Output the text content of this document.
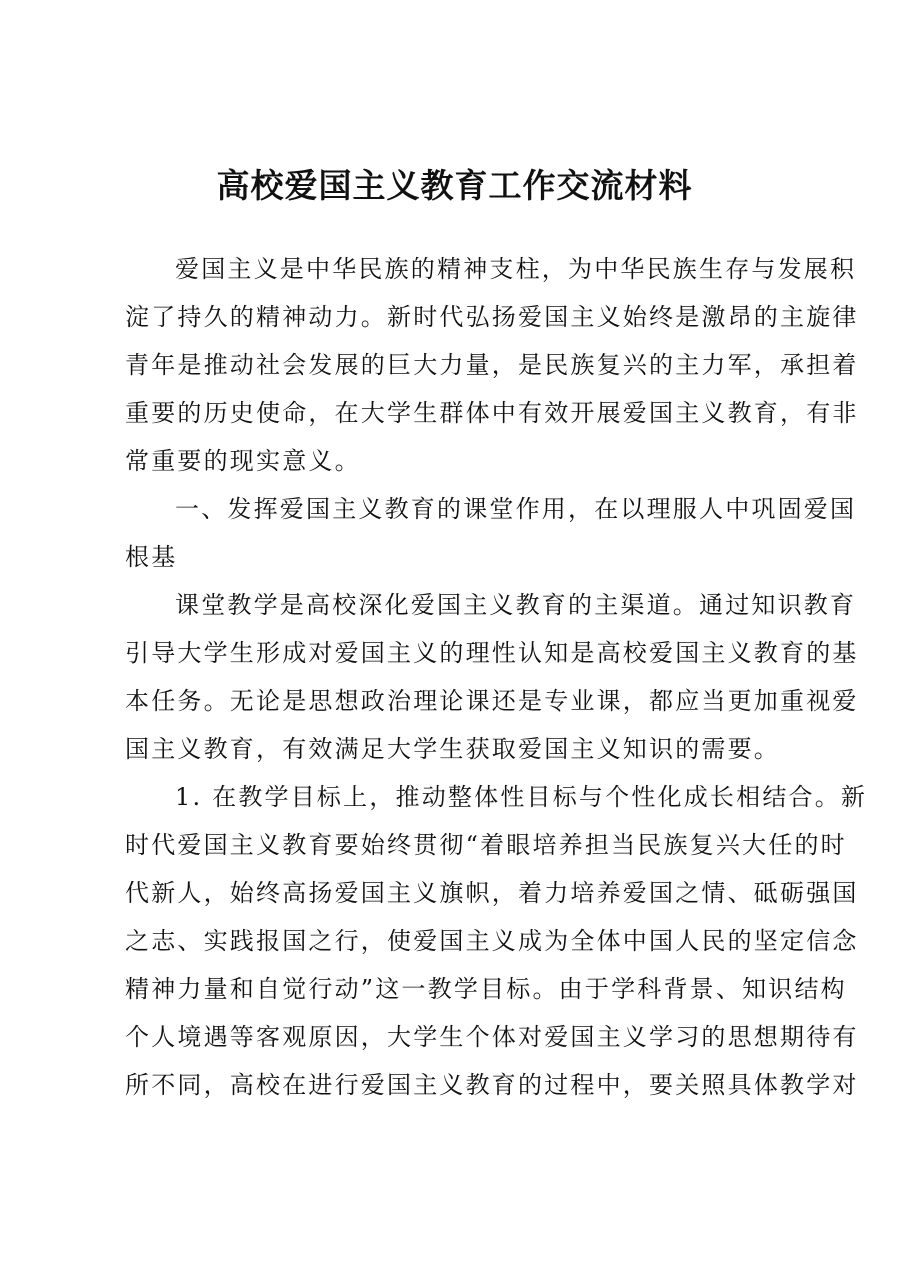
高校爱国主义教育工作交流材料
爱国主义是中华民族的精神支柱，为中华民族生存与发展积
淀了持久的精神动力。新时代弘扬爱国主义始终是激昂的主旋律
青年是推动社会发展的巨大力量，是民族复兴的主力军，承担着
重要的历史使命，在大学生群体中有效开展爱国主义教育，有非
常重要的现实意义。
一、发挥爱国主义教育的课堂作用，在以理服人中巩固爱国
根基
课堂教学是高校深化爱国主义教育的主渠道。通过知识教育
引导大学生形成对爱国主义的理性认知是高校爱国主义教育的基
本任务。无论是思想政治理论课还是专业课，都应当更加重视爱
国主义教育，有效满足大学生获取爱国主义知识的需要。
1. 在教学目标上，推动整体性目标与个性化成长相结合。新
时代爱国主义教育要始终贯彻“着眼培养担当民族复兴大任的时
代新人，始终高扬爱国主义旗帜，着力培养爱国之情、砥砺强国
之志、实践报国之行，使爱国主义成为全体中国人民的坚定信念
精神力量和自觉行动”这一教学目标。由于学科背景、知识结构
个人境遇等客观原因，大学生个体对爱国主义学习的思想期待有
所不同，高校在进行爱国主义教育的过程中，要关照具体教学对
